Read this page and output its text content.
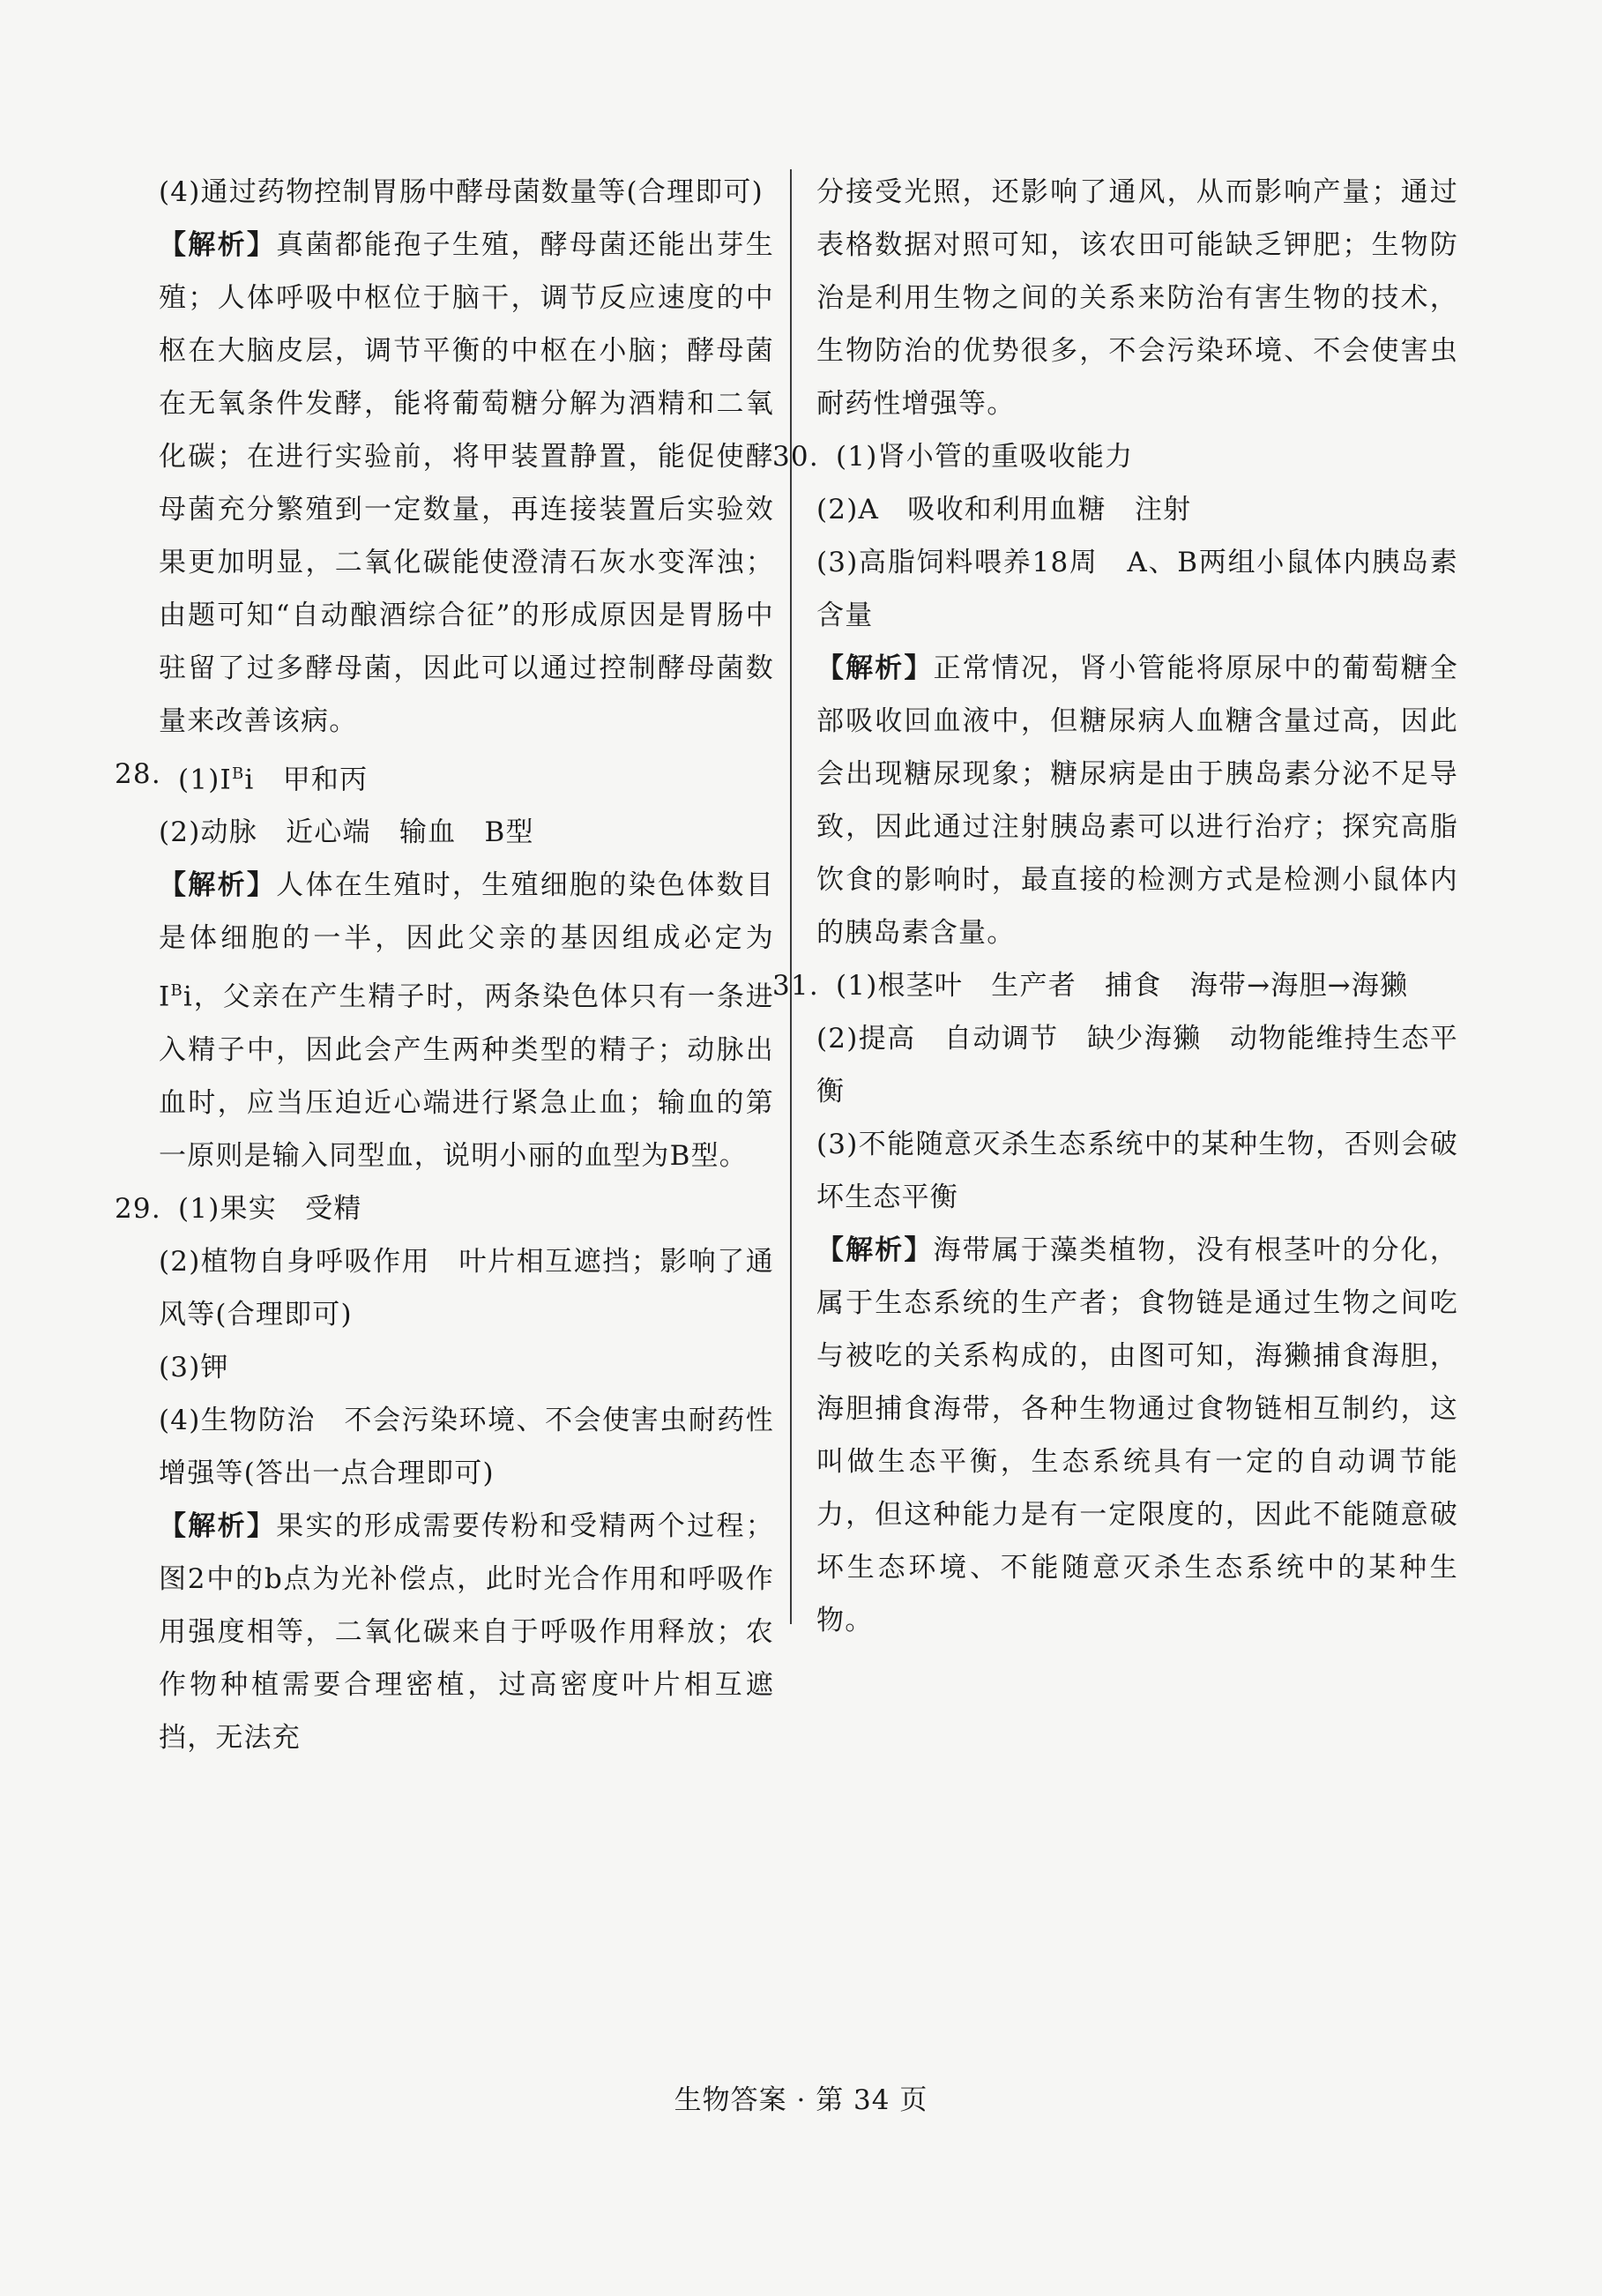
(4)通过药物控制胃肠中酵母菌数量等(合理即可)

【解析】真菌都能孢子生殖，酵母菌还能出芽生殖；人体呼吸中枢位于脑干，调节反应速度的中枢在大脑皮层，调节平衡的中枢在小脑；酵母菌在无氧条件发酵，能将葡萄糖分解为酒精和二氧化碳；在进行实验前，将甲装置静置，能促使酵母菌充分繁殖到一定数量，再连接装置后实验效果更加明显，二氧化碳能使澄清石灰水变浑浊；由题可知“自动酿酒综合征”的形成原因是胃肠中驻留了过多酵母菌，因此可以通过控制酵母菌数量来改善该病。

28. $(1)I^Bi$　甲和丙

(2)动脉　近心端　输血　B型

【解析】人体在生殖时，生殖细胞的染色体数目是体细胞的一半，因此父亲的基因组成必定为 $I^Bi$，父亲在产生精子时，两条染色体只有一条进入精子中，因此会产生两种类型的精子；动脉出血时，应当压迫近心端进行紧急止血；输血的第一原则是输入同型血，说明小丽的血型为B型。

29. (1)果实　受精

(2)植物自身呼吸作用　叶片相互遮挡；影响了通风等(合理即可)

(3)钾

(4)生物防治　不会污染环境、不会使害虫耐药性增强等(答出一点合理即可)

【解析】果实的形成需要传粉和受精两个过程；图2中的b点为光补偿点，此时光合作用和呼吸作用强度相等，二氧化碳来自于呼吸作用释放；农作物种植需要合理密植，过高密度叶片相互遮挡，无法充

分接受光照，还影响了通风，从而影响产量；通过表格数据对照可知，该农田可能缺乏钾肥；生物防治是利用生物之间的关系来防治有害生物的技术，生物防治的优势很多，不会污染环境、不会使害虫耐药性增强等。

30. (1)肾小管的重吸收能力

(2)A　吸收和利用血糖　注射

(3)高脂饲料喂养18周　A、B两组小鼠体内胰岛素含量

【解析】正常情况，肾小管能将原尿中的葡萄糖全部吸收回血液中，但糖尿病人血糖含量过高，因此会出现糖尿现象；糖尿病是由于胰岛素分泌不足导致，因此通过注射胰岛素可以进行治疗；探究高脂饮食的影响时，最直接的检测方式是检测小鼠体内的胰岛素含量。

31. (1)根茎叶　生产者　捕食　海带→海胆→海獭

(2)提高　自动调节　缺少海獭　动物能维持生态平衡

(3)不能随意灭杀生态系统中的某种生物，否则会破坏生态平衡

【解析】海带属于藻类植物，没有根茎叶的分化，属于生态系统的生产者；食物链是通过生物之间吃与被吃的关系构成的，由图可知，海獭捕食海胆，海胆捕食海带，各种生物通过食物链相互制约，这叫做生态平衡，生态系统具有一定的自动调节能力，但这种能力是有一定限度的，因此不能随意破坏生态环境、不能随意灭杀生态系统中的某种生物。

生物答案 · 第 34 页
